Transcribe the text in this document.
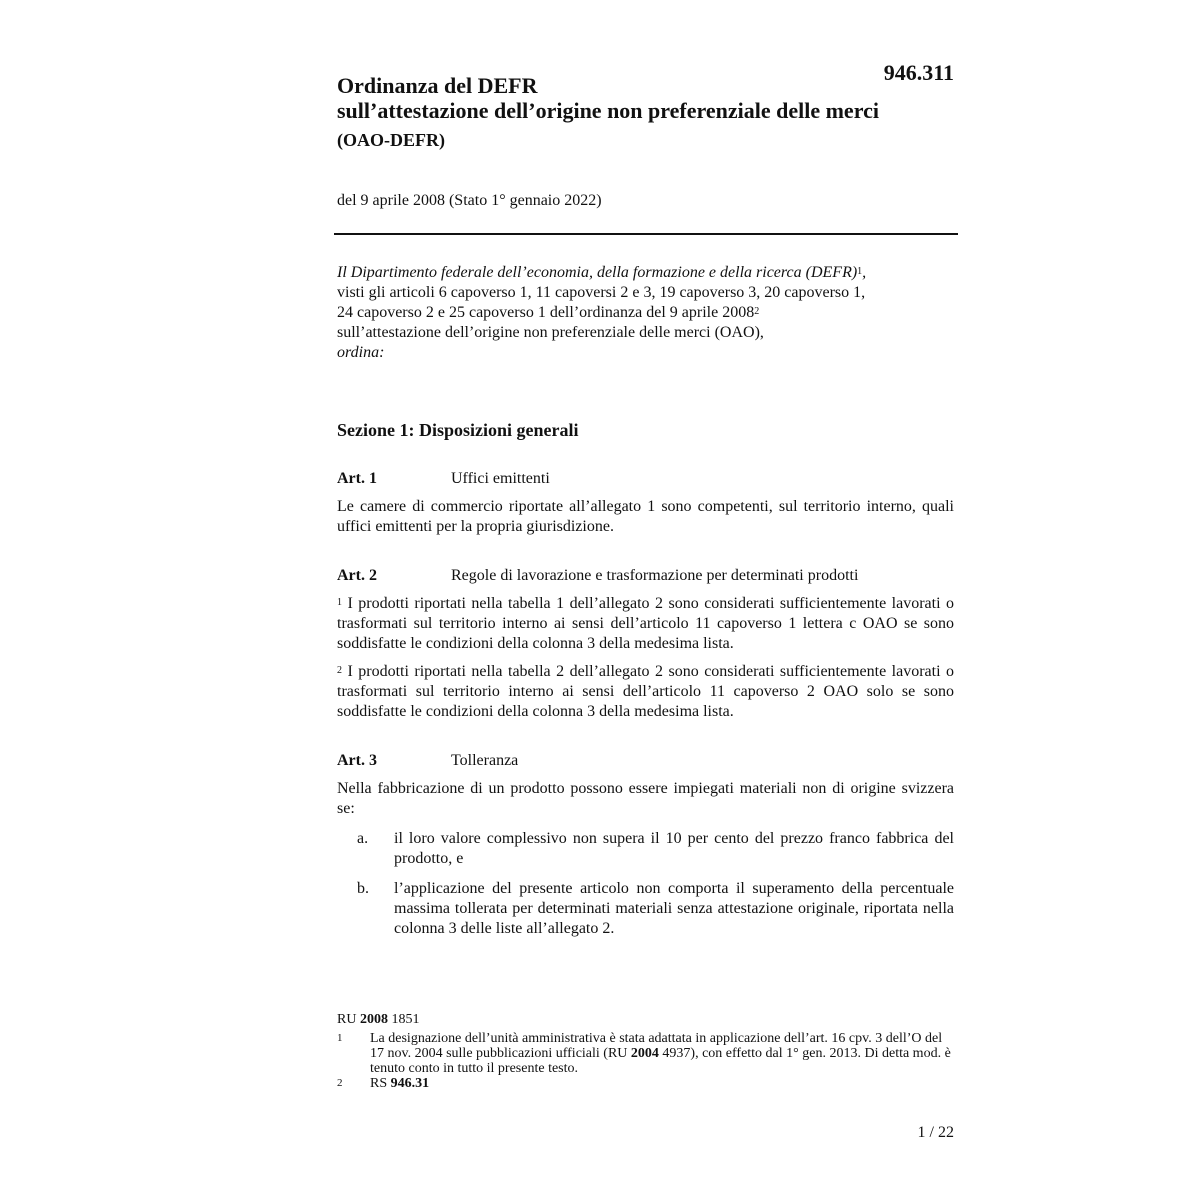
946.311
Ordinanza del DEFR
sull’attestazione dell’origine non preferenziale delle merci
(OAO-DEFR)
del 9 aprile 2008 (Stato 1° gennaio 2022)
Il Dipartimento federale dell’economia, della formazione e della ricerca (DEFR)$^1$,
visti gli articoli 6 capoverso 1, 11 capoversi 2 e 3, 19 capoverso 3, 20 capoverso 1,
24 capoverso 2 e 25 capoverso 1 dell’ordinanza del 9 aprile 2008$^2$
sull’attestazione dell’origine non preferenziale delle merci (OAO),
ordina:
Sezione 1: Disposizioni generali
Art. 1	Uffici emittenti

Le camere di commercio riportate all’allegato 1 sono competenti, sul territorio interno, quali uffici emittenti per la propria giurisdizione.

Art. 2	Regole di lavorazione e trasformazione per determinati prodotti

$^1$ I prodotti riportati nella tabella 1 dell’allegato 2 sono considerati sufficientemente lavorati o trasformati sul territorio interno ai sensi dell’articolo 11 capoverso 1 lettera c OAO se sono soddisfatte le condizioni della colonna 3 della medesima lista.

$^2$ I prodotti riportati nella tabella 2 dell’allegato 2 sono considerati sufficientemente lavorati o trasformati sul territorio interno ai sensi dell’articolo 11 capoverso 2 OAO solo se sono soddisfatte le condizioni della colonna 3 della medesima lista.

Art. 3	Tolleranza

Nella fabbricazione di un prodotto possono essere impiegati materiali non di origine svizzera se:

a.	il loro valore complessivo non supera il 10 per cento del prezzo franco fabbrica del prodotto, e
b.	l’applicazione del presente articolo non comporta il superamento della percentuale massima tollerata per determinati materiali senza attestazione originale, riportata nella colonna 3 delle liste all’allegato 2.
RU 2008 1851
1	La designazione dell’unità amministrativa è stata adattata in applicazione dell’art. 16 cpv. 3 dell’O del 17 nov. 2004 sulle pubblicazioni ufficiali (RU 2004 4937), con effetto dal 1° gen. 2013. Di detta mod. è tenuto conto in tutto il presente testo.
2	RS 946.31
1 / 22
